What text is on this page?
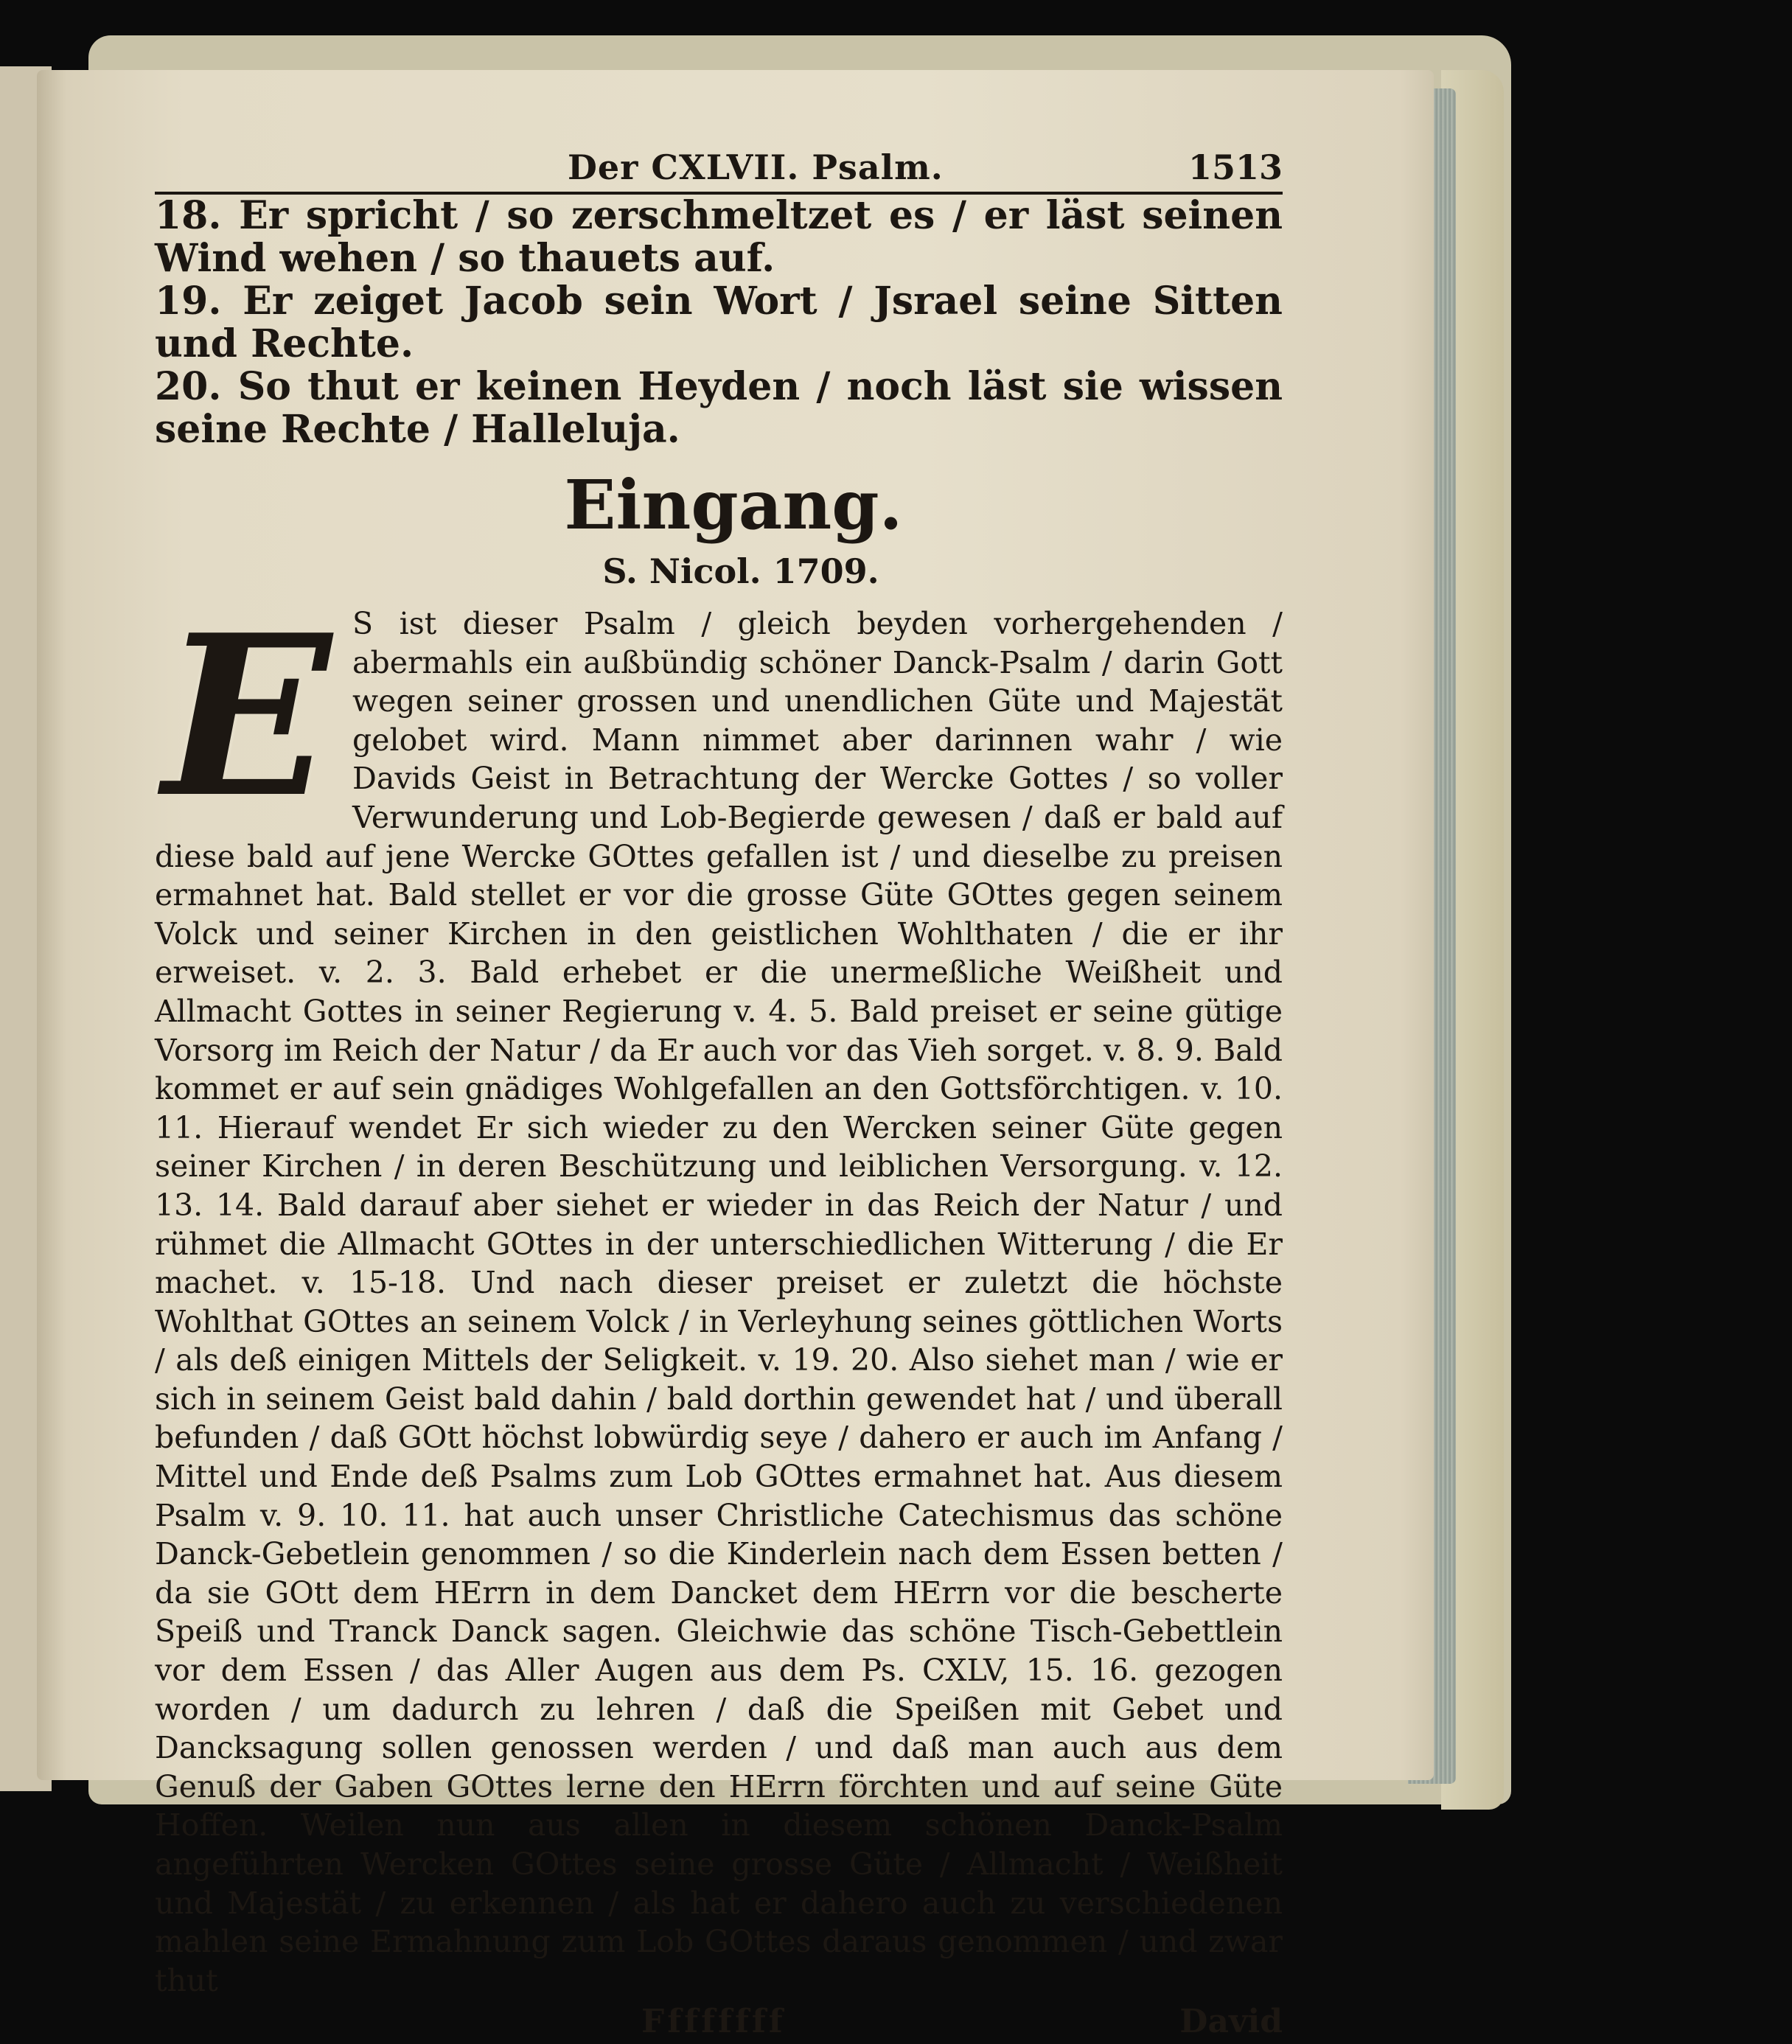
Der CXLVII. Psalm.	1513

18. Er spricht / so zerschmeltzet es / er läst seinen Wind wehen / so thauets auf.

19. Er zeiget Jacob sein Wort / Jsrael seine Sitten und Rechte.

20. So thut er keinen Heyden / noch läst sie wissen seine Rechte / Halleluja.

Eingang.
S. Nicol. 1709.
E S ist dieser Psalm / gleich beyden vorhergehenden / abermahls ein außbündig schöner Danck-Psalm / darin Gott wegen seiner grossen und unendlichen Güte und Majestät gelobet wird. Mann nimmet aber darinnen wahr / wie Davids Geist in Betrachtung der Wercke Gottes / so voller Verwunderung und Lob-Begierde gewesen / daß er bald auf diese bald auf jene Wercke GOttes gefallen ist / und dieselbe zu preisen ermahnet hat. Bald stellet er vor die grosse Güte GOttes gegen seinem Volck und seiner Kirchen in den geistlichen Wohlthaten / die er ihr erweiset. v. 2. 3. Bald erhebet er die unermeßliche Weißheit und Allmacht Gottes in seiner Regierung v. 4. 5. Bald preiset er seine gütige Vorsorg im Reich der Natur / da Er auch vor das Vieh sorget. v. 8. 9. Bald kommet er auf sein gnädiges Wohlgefallen an den Gottsförchtigen. v. 10. 11. Hierauf wendet Er sich wieder zu den Wercken seiner Güte gegen seiner Kirchen / in deren Beschützung und leiblichen Versorgung. v. 12. 13. 14. Bald darauf aber siehet er wieder in das Reich der Natur / und rühmet die Allmacht GOttes in der unterschiedlichen Witterung / die Er machet. v. 15-18. Und nach dieser preiset er zuletzt die höchste Wohlthat GOttes an seinem Volck / in Verleyhung seines göttlichen Worts / als deß einigen Mittels der Seligkeit. v. 19. 20. Also siehet man / wie er sich in seinem Geist bald dahin / bald dorthin gewendet hat / und überall befunden / daß GOtt höchst lobwürdig seye / dahero er auch im Anfang / Mittel und Ende deß Psalms zum Lob GOttes ermahnet hat. Aus diesem Psalm v. 9. 10. 11. hat auch unser Christliche Catechismus das schöne Danck-Gebetlein genommen / so die Kinderlein nach dem Essen betten / da sie GOtt dem HErrn in dem Dancket dem HErrn vor die bescherte Speiß und Tranck Danck sagen. Gleichwie das schöne Tisch-Gebettlein vor dem Essen / das Aller Augen aus dem Ps. CXLV, 15. 16. gezogen worden / um dadurch zu lehren / daß die Speißen mit Gebet und Dancksagung sollen genossen werden / und daß man auch aus dem Genuß der Gaben GOttes lerne den HErrn förchten und auf seine Güte Hoffen. Weilen nun aus allen in diesem schönen Danck-Psalm angeführten Wercken GOttes seine grosse Güte / Allmacht / Weißheit und Majestät / zu erkennen / als hat er dahero auch zu verschiedenen mahlen seine Ermahnung zum Lob GOttes daraus genommen / und zwar thut

Ffffffff	David
